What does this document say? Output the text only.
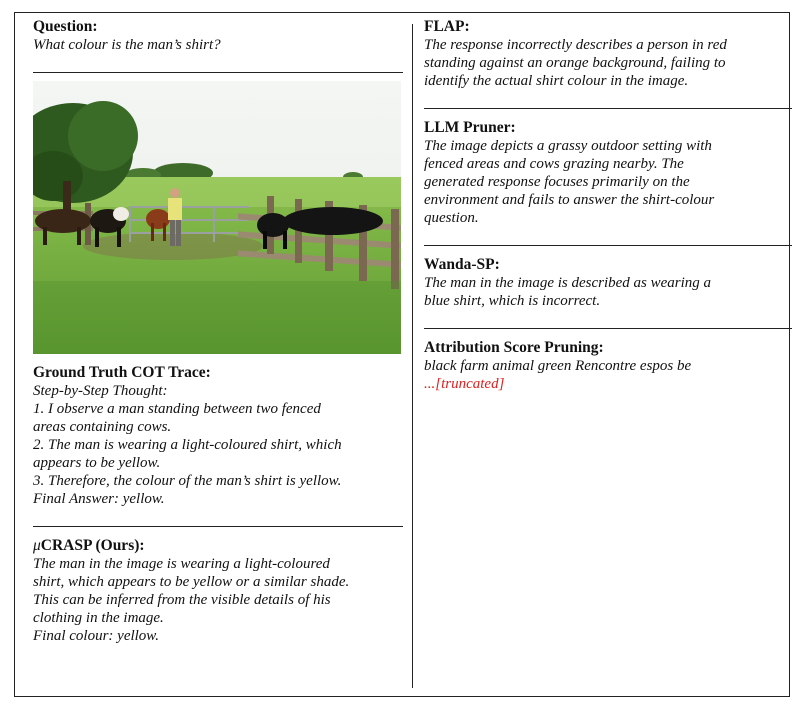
Question:
What colour is the man’s shirt?
Ground Truth COT Trace:
Step-by-Step Thought:
1. I observe a man standing between two fenced
areas containing cows.
2. The man is wearing a light-coloured shirt, which
appears to be yellow.
3. Therefore, the colour of the man’s shirt is yellow.
Final Answer: yellow.
μCRASP (Ours):
The man in the image is wearing a light-coloured
shirt, which appears to be yellow or a similar shade.
This can be inferred from the visible details of his
clothing in the image.
Final colour: yellow.
FLAP:
The response incorrectly describes a person in red
standing against an orange background, failing to
identify the actual shirt colour in the image.
LLM Pruner:
The image depicts a grassy outdoor setting with
fenced areas and cows grazing nearby. The
generated response focuses primarily on the
environment and fails to answer the shirt-colour
question.
Wanda-SP:
The man in the image is described as wearing a
blue shirt, which is incorrect.
Attribution Score Pruning:
black farm animal green Rencontre espos be
...[truncated]
